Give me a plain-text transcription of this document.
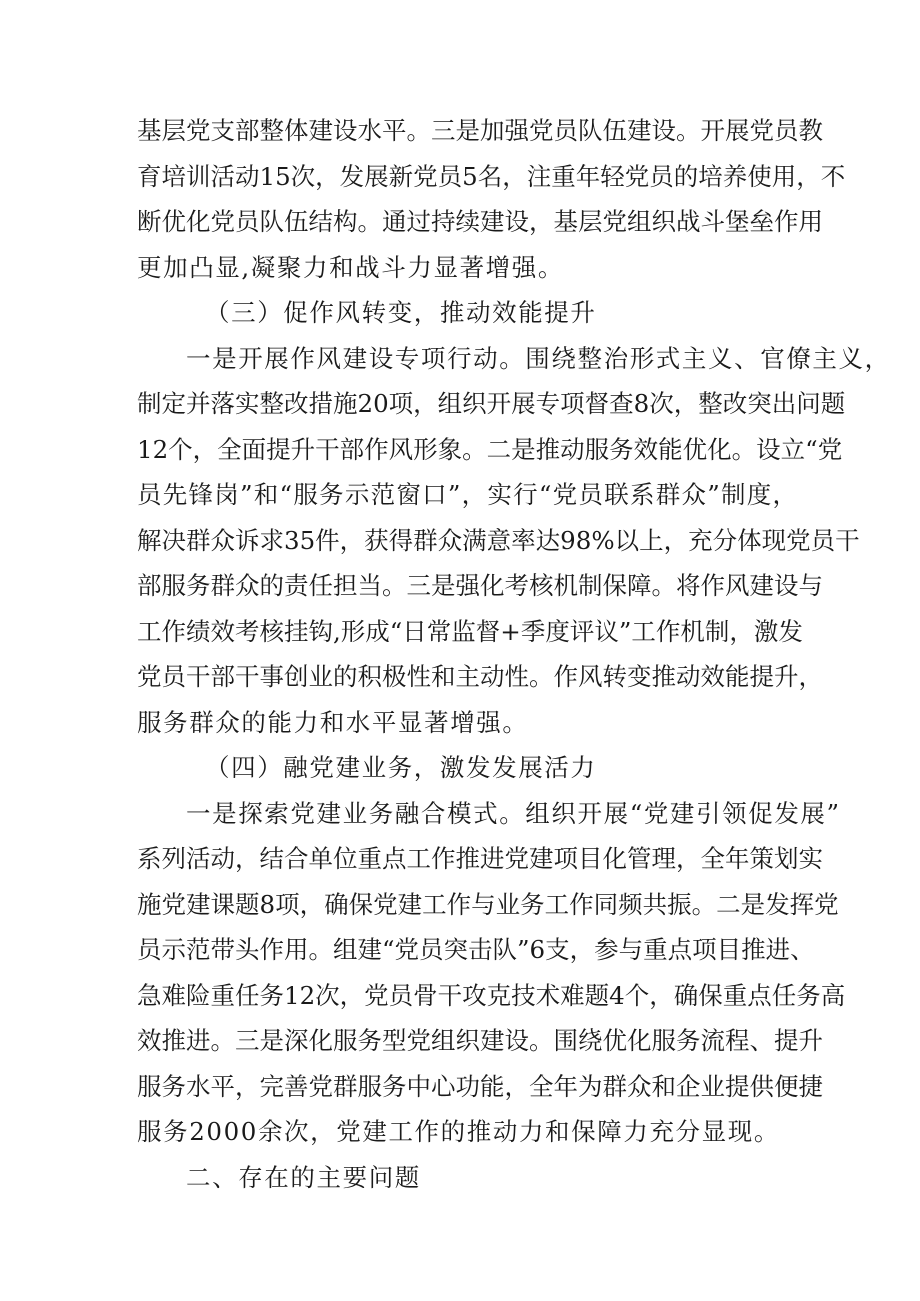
基层党支部整体建设水平。三是加强党员队伍建设。开展党员教
育培训活动15次，发展新党员5名，注重年轻党员的培养使用，不
断优化党员队伍结构。通过持续建设，基层党组织战斗堡垒作用
更加凸显,凝聚力和战斗力显著增强。
（三）促作风转变，推动效能提升
一是开展作风建设专项行动。围绕整治形式主义、官僚主义，
制定并落实整改措施20项，组织开展专项督查8次，整改突出问题
12个，全面提升干部作风形象。二是推动服务效能优化。设立“党
员先锋岗”和“服务示范窗口”，实行“党员联系群众”制度，
解决群众诉求35件，获得群众满意率达98%以上，充分体现党员干
部服务群众的责任担当。三是强化考核机制保障。将作风建设与
工作绩效考核挂钩,形成“日常监督+季度评议”工作机制，激发
党员干部干事创业的积极性和主动性。作风转变推动效能提升，
服务群众的能力和水平显著增强。
（四）融党建业务，激发发展活力
一是探索党建业务融合模式。组织开展“党建引领促发展”
系列活动，结合单位重点工作推进党建项目化管理，全年策划实
施党建课题8项，确保党建工作与业务工作同频共振。二是发挥党
员示范带头作用。组建“党员突击队”6支，参与重点项目推进、
急难险重任务12次，党员骨干攻克技术难题4个，确保重点任务高
效推进。三是深化服务型党组织建设。围绕优化服务流程、提升
服务水平，完善党群服务中心功能，全年为群众和企业提供便捷
服务2000余次，党建工作的推动力和保障力充分显现。
二、存在的主要问题
